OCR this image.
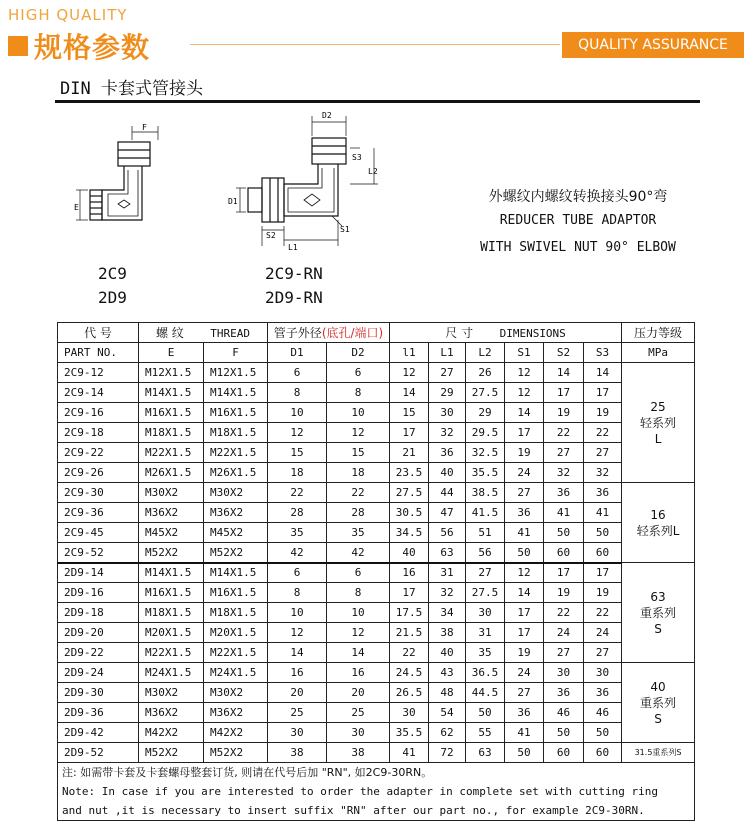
HIGH QUALITY
规格参数	QUALITY ASSURANCE
DIN 卡套式管接头
F
E
2C9
2D9
D2
S3
L2
D1
S2
L1
S1
2C9-RN
2D9-RN
外螺纹内螺纹转换接头90°弯
REDUCER TUBE ADAPTOR
WITH SWIVEL NUT 90° ELBOW
代 号	螺 纹 THREAD		管子外径(底孔/端口)		尺 寸 DIMENSIONS						压力等级
PART NO.	E	F	D1	D2	l1	L1	L2	S1	S2	S3	MPa
2C9-12	M12X1.5	M12X1.5	6	6	12	27	26	12	14	14	25
轻系列
L

2C9-14	M14X1.5	M14X1.5	8	8	14	29	27.5	12	17	17	
2C9-16	M16X1.5	M16X1.5	10	10	15	30	29	14	19	19	
2C9-18	M18X1.5	M18X1.5	12	12	17	32	29.5	17	22	22	
2C9-22	M22X1.5	M22X1.5	15	15	21	36	32.5	19	27	27	
2C9-26	M26X1.5	M26X1.5	18	18	23.5	40	35.5	24	32	32	
2C9-30	M30X2	M30X2	22	22	27.5	44	38.5	27	36	36	16
轻系列L

2C9-36	M36X2	M36X2	28	28	30.5	47	41.5	36	41	41	
2C9-45	M45X2	M45X2	35	35	34.5	56	51	41	50	50	
2C9-52	M52X2	M52X2	42	42	40	63	56	50	60	60	
2D9-14	M14X1.5	M14X1.5	6	6	16	31	27	12	17	17	63
重系列
S

2D9-16	M16X1.5	M16X1.5	8	8	17	32	27.5	14	19	19	
2D9-18	M18X1.5	M18X1.5	10	10	17.5	34	30	17	22	22	
2D9-20	M20X1.5	M20X1.5	12	12	21.5	38	31	17	24	24	
2D9-22	M22X1.5	M22X1.5	14	14	22	40	35	19	27	27	
2D9-24	M24X1.5	M24X1.5	16	16	24.5	43	36.5	24	30	30	40
重系列
S

2D9-30	M30X2	M30X2	20	20	26.5	48	44.5	27	36	36	
2D9-36	M36X2	M36X2	25	25	30	54	50	36	46	46	
2D9-42	M42X2	M42X2	30	30	35.5	62	55	41	50	50	
2D9-52	M52X2	M52X2	38	38	41	72	63	50	60	60	31.5重系列S

注: 如需带卡套及卡套螺母整套订货, 则请在代号后加 "RN", 如2C9-30RN。											
Note: In case if you are interested to order the adapter in complete set with cutting ring											
and nut ,it is necessary to insert suffix "RN" after our part no., for example 2C9-30RN.											
